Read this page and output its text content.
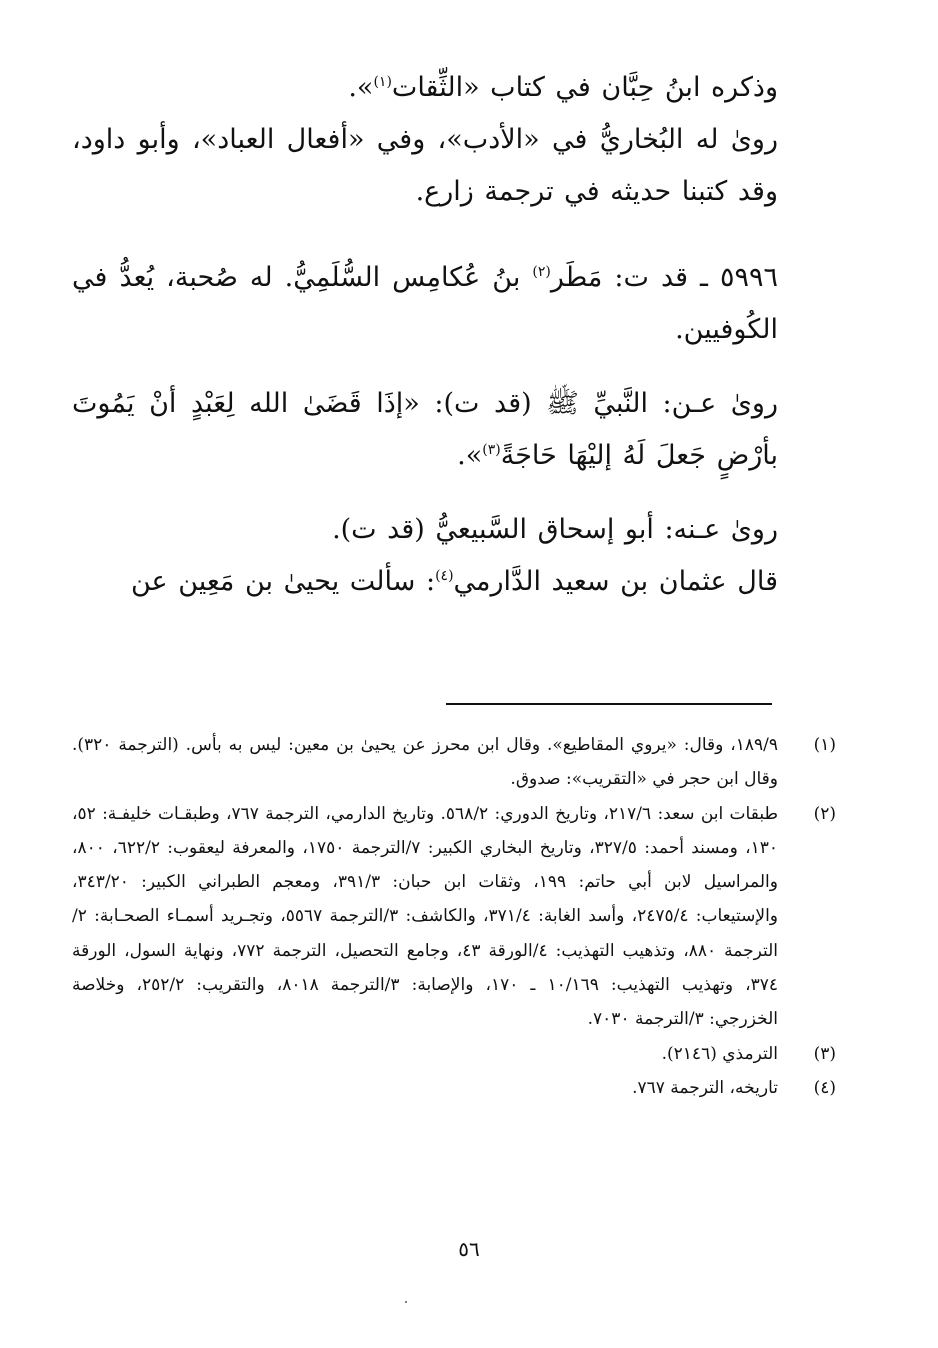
وذكره ابنُ حِبَّان في كتاب «الثِّقات$^{(١)}$».

روىٰ له البُخاريُّ في «الأدب»، وفي «أفعال العباد»، وأبو داود، وقد كتبنا حديثه في ترجمة زارع.

٥٩٩٦ ـ قد ت: مَطَر$^{(٢)}$ بنُ عُكامِس السُّلَمِيُّ. له صُحبة، يُعدُّ في الكُوفيين.

روىٰ عـن: النَّبيِّ ﷺ (قد ت): «إذَا قَضَىٰ الله لِعَبْدٍ أنْ يَمُوتَ بأرْضٍ جَعلَ لَهُ إليْهَا حَاجَةً$^{(٣)}$».

روىٰ عـنه: أبو إسحاق السَّبيعيُّ (قد ت).

قال عثمان بن سعيد الدَّارمي$^{(٤)}$: سألت يحيىٰ بن مَعِين عن

(١)
١٨٩/٩، وقال: «يروي المقاطيع». وقال ابن محرز عن يحيىٰ بن معين: ليس به بأس. (الترجمة ٣٢٠). وقال ابن حجر في «التقريب»: صدوق.

(٢)
طبقات ابن سعد: ٢١٧/٦، وتاريخ الدوري: ٥٦٨/٢. وتاريخ الدارمي، الترجمة ٧٦٧، وطبقـات خليفـة: ٥٢، ١٣٠، ومسند أحمد: ٣٢٧/٥، وتاريخ البخاري الكبير: ٧/الترجمة ١٧٥٠، والمعرفة ليعقوب: ٦٢٢/٢، ٨٠٠، والمراسيل لابن أبي حاتم: ١٩٩، وثقات ابن حبان: ٣٩١/٣، ومعجم الطبراني الكبير: ٣٤٣/٢٠، والإستيعاب: ٢٤٧٥/٤، وأسد الغابة: ٣٧١/٤، والكاشف: ٣/الترجمة ٥٥٦٧، وتجـريد أسمـاء الصحـابة: ٢/الترجمة ٨٨٠، وتذهيب التهذيب: ٤/الورقة ٤٣، وجامع التحصيل، الترجمة ٧٧٢، ونهاية السول، الورقة ٣٧٤، وتهذيب التهذيب: ١٠/١٦٩ ـ ١٧٠، والإصابة: ٣/الترجمة ٨٠١٨، والتقريب: ٢٥٢/٢، وخلاصة الخزرجي: ٣/الترجمة ٧٠٣٠.

(٣)
الترمذي (٢١٤٦).

(٤)
تاريخه، الترجمة ٧٦٧.

٥٦
